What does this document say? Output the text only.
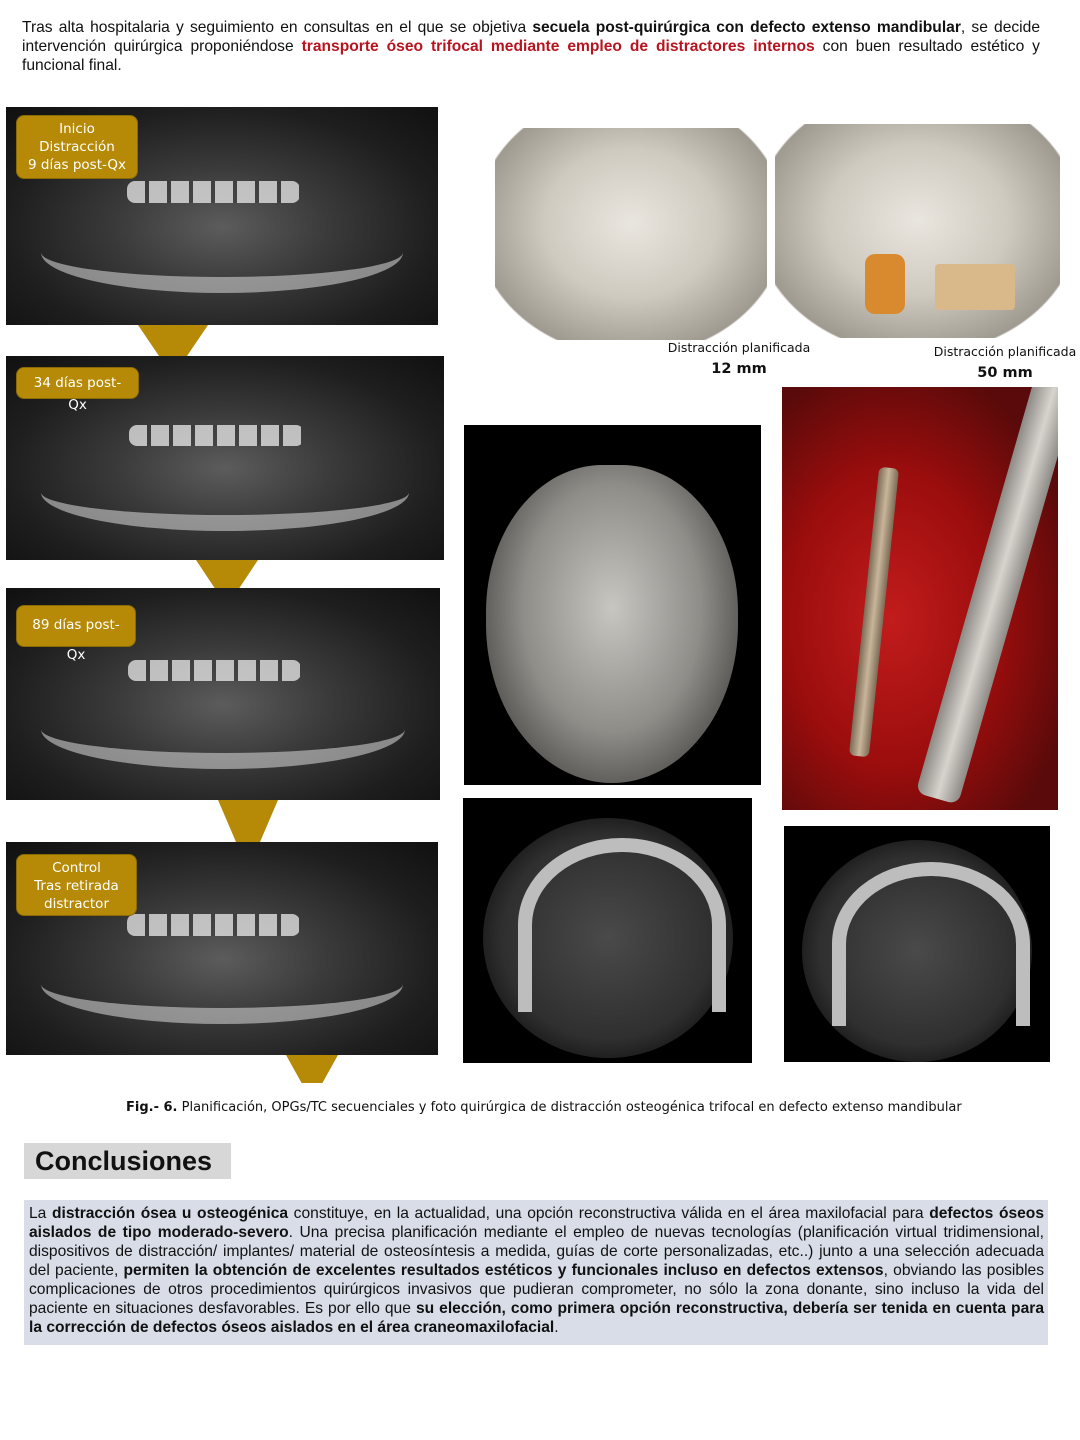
Tras alta hospitalaria y seguimiento en consultas en el que se objetiva secuela post-quirúrgica con defecto extenso mandibular, se decide intervención quirúrgica proponiéndose transporte óseo trifocal mediante empleo de distractores internos con buen resultado estético y funcional final.
Inicio
Distracción
9 días post-Qx
34 días post-Qx
89 días post-Qx
Control
Tras retirada
distractor
Distracción planificada
12 mm
Distracción planificada
50 mm
Fig.- 6. Planificación, OPGs/TC secuenciales y foto quirúrgica de distracción osteogénica trifocal en defecto extenso mandibular
Conclusiones
La distracción ósea u osteogénica constituye, en la actualidad, una opción reconstructiva válida en el área maxilofacial para defectos óseos aislados de tipo moderado-severo. Una precisa planificación mediante el empleo de nuevas tecnologías (planificación virtual tridimensional, dispositivos de distracción/ implantes/ material de osteosíntesis a medida, guías de corte personalizadas, etc..) junto a una selección adecuada del paciente, permiten la obtención de excelentes resultados estéticos y funcionales incluso en defectos extensos, obviando las posibles complicaciones de otros procedimientos quirúrgicos invasivos que pudieran comprometer, no sólo la zona donante, sino incluso la vida del paciente en situaciones desfavorables. Es por ello que su elección, como primera opción reconstructiva, debería ser tenida en cuenta para la corrección de defectos óseos aislados en el área craneomaxilofacial.
